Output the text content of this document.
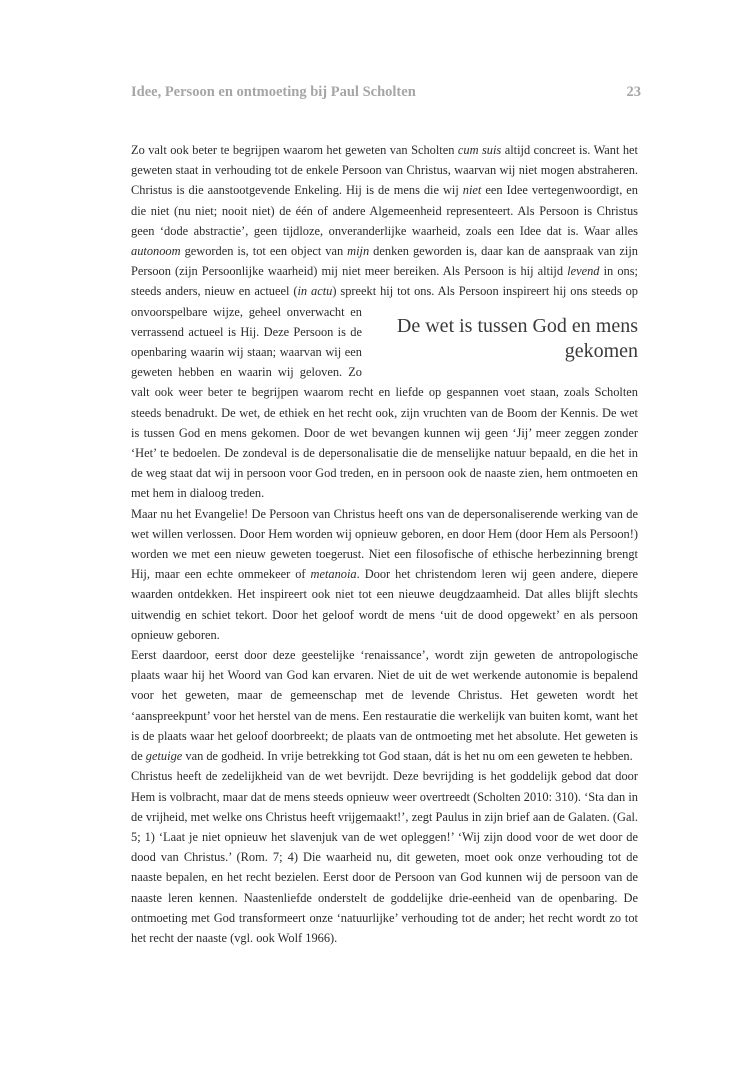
Idee, Persoon en ontmoeting bij Paul Scholten	23

Zo valt ook beter te begrijpen waarom het geweten van Scholten cum suis altijd concreet is. Want het geweten staat in verhouding tot de enkele Persoon van Christus, waarvan wij niet mogen abstraheren. Christus is die aanstootgevende Enkeling. Hij is de mens die wij niet een Idee vertegenwoordigt, en die niet (nu niet; nooit niet) de één of andere Algemeenheid representeert. Als Persoon is Christus geen ‘dode abstractie’, geen tijdloze, onveranderlijke waarheid, zoals een Idee dat is. Waar alles autonoom geworden is, tot een object van mijn denken geworden is, daar kan de aanspraak van zijn Persoon (zijn Persoonlijke waarheid) mij niet meer bereiken. Als Persoon is hij altijd levend in ons; steeds anders, nieuw en actueel (in actu) spreekt hij tot ons. Als Persoon inspireert hij ons steeds op onvoorspelbare wijze, geheel onverwacht
De wet is tussen God en mens
gekomen
en verrassend actueel is Hij. Deze Persoon is de openbaring waarin wij staan; waarvan wij een geweten hebben en waarin wij geloven. Zo valt ook weer beter te begrijpen waarom recht en liefde op gespannen voet staan, zoals Scholten steeds benadrukt. De wet, de ethiek en het recht ook, zijn vruchten van de Boom der Kennis. De wet is tussen God en mens gekomen. Door de wet bevangen kunnen wij geen ‘Jij’ meer zeggen zonder ‘Het’ te bedoelen. De zondeval is de depersonalisatie die de menselijke natuur bepaald, en die het in de weg staat dat wij in persoon voor God treden, en in persoon ook de naaste zien, hem ontmoeten en met hem in dialoog treden.

Maar nu het Evangelie! De Persoon van Christus heeft ons van de depersonaliserende werking van de wet willen verlossen. Door Hem worden wij opnieuw geboren, en door Hem (door Hem als Persoon!) worden we met een nieuw geweten toegerust. Niet een filosofische of ethische herbezinning brengt Hij, maar een echte ommekeer of metanoia. Door het christendom leren wij geen andere, diepere waarden ontdekken. Het inspireert ook niet tot een nieuwe deugdzaamheid. Dat alles blijft slechts uitwendig en schiet tekort. Door het geloof wordt de mens ‘uit de dood opgewekt’ en als persoon opnieuw geboren.

Eerst daardoor, eerst door deze geestelijke ‘renaissance’, wordt zijn geweten de antropologische plaats waar hij het Woord van God kan ervaren. Niet de uit de wet werkende autonomie is bepalend voor het geweten, maar de gemeenschap met de levende Christus. Het geweten wordt het ‘aanspreekpunt’ voor het herstel van de mens. Een restauratie die werkelijk van buiten komt, want het is de plaats waar het geloof doorbreekt; de plaats van de ontmoeting met het absolute. Het geweten is de getuige van de godheid. In vrije betrekking tot God staan, dát is het nu om een geweten te hebben.

Christus heeft de zedelijkheid van de wet bevrijdt. Deze bevrijding is het goddelijk gebod dat door Hem is volbracht, maar dat de mens steeds opnieuw weer overtreedt (Scholten 2010: 310). ‘Sta dan in de vrijheid, met welke ons Christus heeft vrijgemaakt!’, zegt Paulus in zijn brief aan de Galaten. (Gal. 5; 1) ‘Laat je niet opnieuw het slavenjuk van de wet opleggen!’ ‘Wij zijn dood voor de wet door de dood van Christus.’ (Rom. 7; 4) Die waarheid nu, dit geweten, moet ook onze verhouding tot de naaste bepalen, en het recht bezielen. Eerst door de Persoon van God kunnen wij de persoon van de naaste leren kennen. Naastenliefde onderstelt de goddelijke drie-eenheid van de openbaring. De ontmoeting met God transformeert onze ‘natuurlijke’ verhouding tot de ander; het recht wordt zo tot het recht der naaste (vgl. ook Wolf 1966).
